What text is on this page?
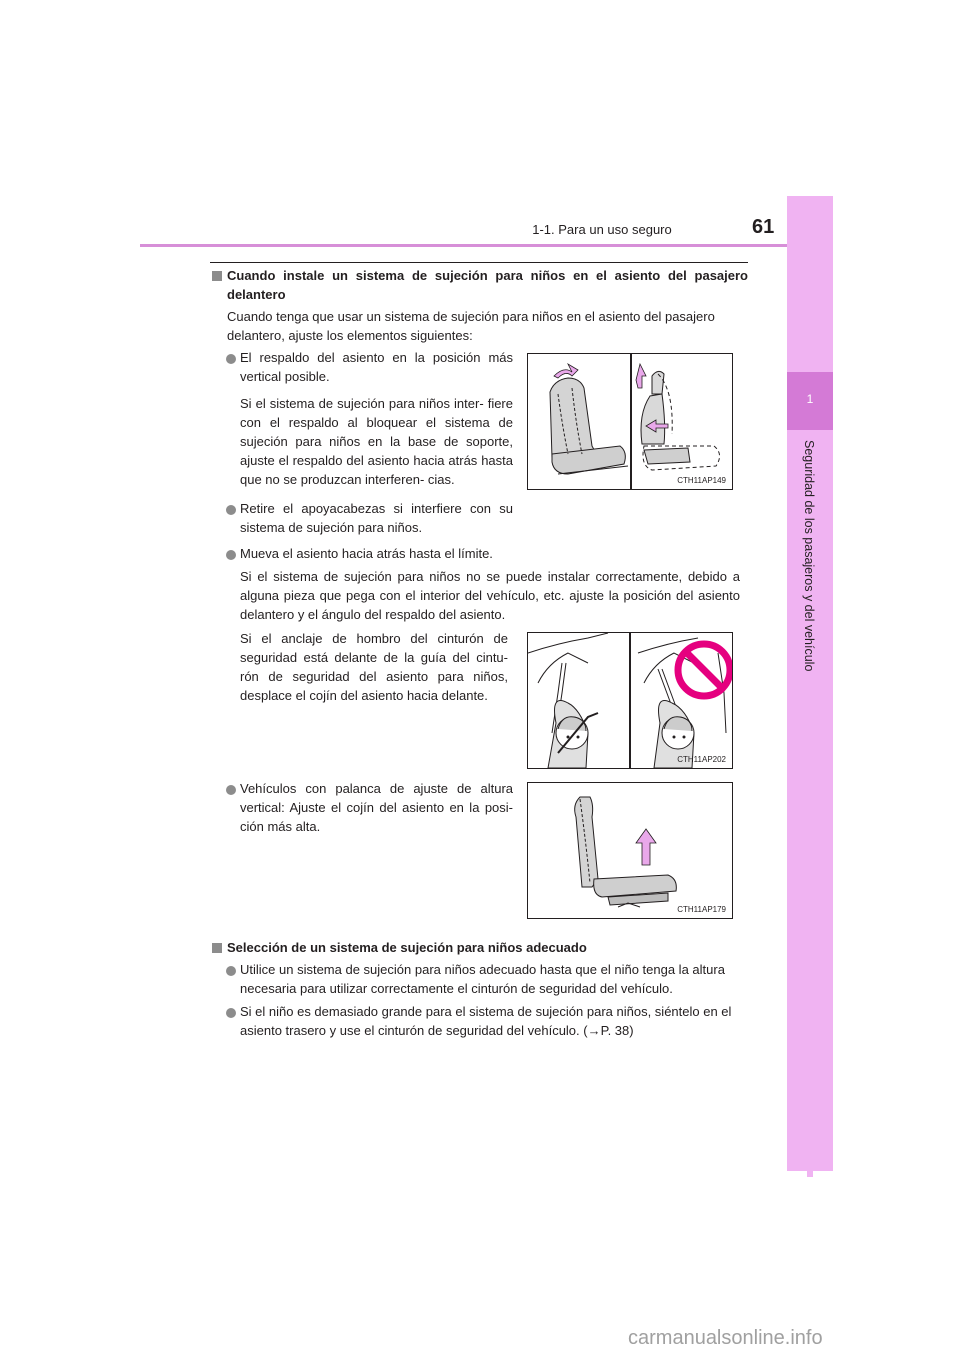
1-1. Para un uso seguro	61
1
Seguridad de los pasajeros y del vehículo
Cuando instale un sistema de sujeción para niños en el asiento del pasajero delantero
Cuando tenga que usar un sistema de sujeción para niños en el asiento del pasajero delantero, ajuste los elementos siguientes:
El respaldo del asiento en la posición más vertical posible.
Si el sistema de sujeción para niños inter- fiere con el respaldo al bloquear el sistema de sujeción para niños en la base de soporte, ajuste el respaldo del asiento hacia atrás hasta que no se produzcan interferen- cias.
Retire el apoyacabezas si interfiere con su sistema de sujeción para niños.
CTH11AP149
Mueva el asiento hacia atrás hasta el límite.
Si el sistema de sujeción para niños no se puede instalar correctamente, debido a alguna pieza que pega con el interior del vehículo, etc. ajuste la posición del asiento delantero y el ángulo del respaldo del asiento.
Si el anclaje de hombro del cinturón de seguridad está delante de la guía del cintu- rón de seguridad del asiento para niños, desplace el cojín del asiento hacia delante.
CTH11AP202
Vehículos con palanca de ajuste de altura vertical: Ajuste el cojín del asiento en la posi- ción más alta.
CTH11AP179
Selección de un sistema de sujeción para niños adecuado
Utilice un sistema de sujeción para niños adecuado hasta que el niño tenga la altura necesaria para utilizar correctamente el cinturón de seguridad del vehículo.
Si el niño es demasiado grande para el sistema de sujeción para niños, siéntelo en el asiento trasero y use el cinturón de seguridad del vehículo. (→P. 38)
carmanualsonline.info
